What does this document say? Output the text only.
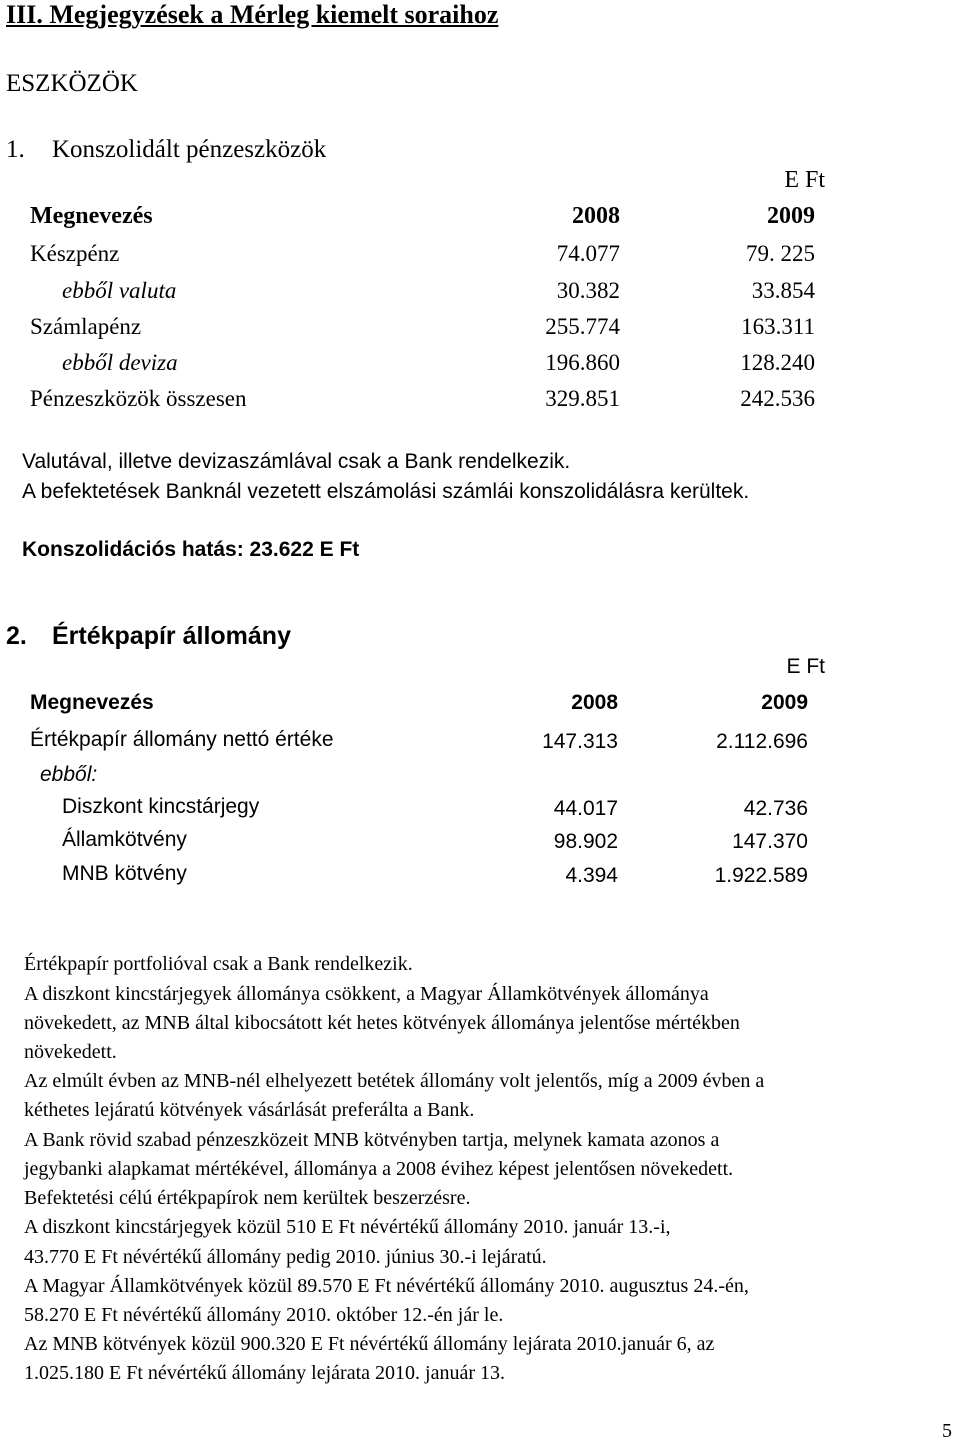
III. Megjegyzések a Mérleg kiemelt soraihoz
ESZKÖZÖK
1. Konszolidált pénzeszközök
E Ft
Megnevezés	2008	2009
Készpénz	74.077	79. 225
ebből valuta	30.382	33.854
Számlapénz	255.774	163.311
ebből deviza	196.860	128.240
Pénzeszközök összesen	329.851	242.536
Valutával, illetve devizaszámlával csak a Bank rendelkezik.
A befektetések Banknál vezetett elszámolási számlái konszolidálásra kerültek.
Konszolidációs hatás: 23.622 E Ft
2. Értékpapír állomány
E Ft
Megnevezés	2008	2009
Értékpapír állomány nettó értéke	147.313	2.112.696
ebből:
Diszkont kincstárjegy	44.017	42.736
Államkötvény	98.902	147.370
MNB kötvény	4.394	1.922.589
Értékpapír portfolióval csak a Bank rendelkezik.
A diszkont kincstárjegyek állománya csökkent, a Magyar Államkötvények állománya
növekedett, az MNB által kibocsátott két hetes kötvények állománya jelentőse mértékben
növekedett.
Az elmúlt évben az MNB-nél elhelyezett betétek állomány volt jelentős, míg a 2009 évben a
kéthetes lejáratú kötvények vásárlását preferálta a Bank.
A Bank rövid szabad pénzeszközeit MNB kötvényben tartja, melynek kamata azonos a
jegybanki alapkamat mértékével, állománya a 2008 évihez képest jelentősen növekedett.
Befektetési célú értékpapírok nem kerültek beszerzésre.
A diszkont kincstárjegyek közül 510 E Ft névértékű állomány 2010. január 13.-i,
43.770 E Ft névértékű állomány pedig 2010. június 30.-i lejáratú.
A Magyar Államkötvények közül 89.570 E Ft névértékű állomány 2010. augusztus 24.-én,
58.270 E Ft névértékű állomány 2010. október 12.-én jár le.
Az MNB kötvények közül 900.320 E Ft névértékű állomány lejárata 2010.január 6, az
1.025.180 E Ft névértékű állomány lejárata 2010. január 13.
5
